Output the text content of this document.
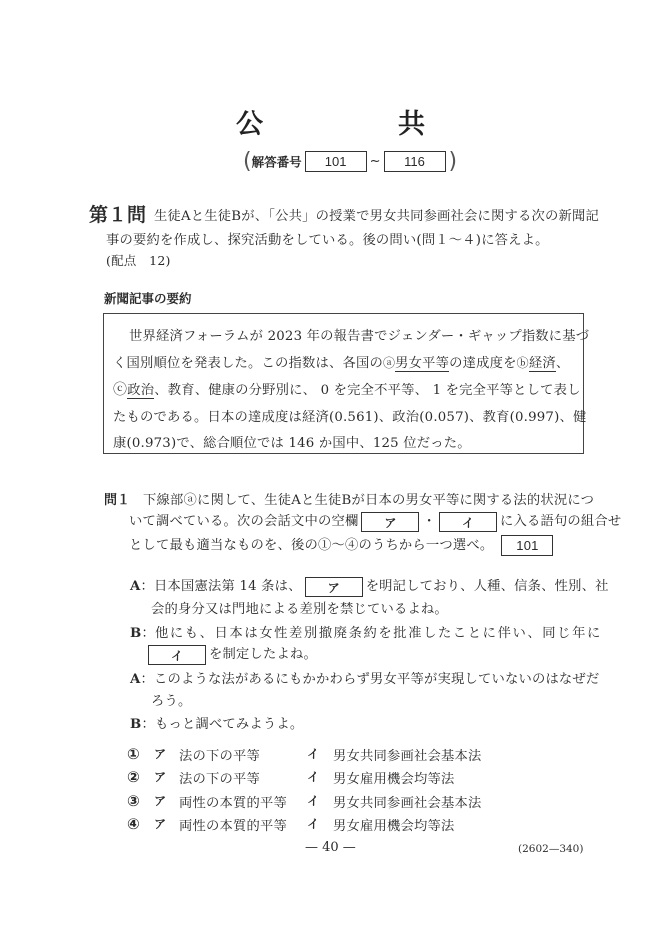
公	共
(解答番号 101 ~ 116 )
第１問 生徒Aと生徒Bが、「公共」の授業で男女共同参画社会に関する次の新聞記
事の要約を作成し、探究活動をしている。後の問い(問１～４)に答えよ。
(配点　12)
新聞記事の要約
世界経済フォーラムが 2023 年の報告書でジェンダー・ギャップ指数に基づ
く国別順位を発表した。この指数は、各国のⓐ男女平等の達成度をⓑ経済、
ⓒ政治、教育、健康の分野別に、 0 を完全不平等、 1 を完全平等として表し
たものである。日本の達成度は経済(0.561)、政治(0.057)、教育(0.997)、健
康(0.973)で、総合順位では 146 か国中、125 位だった。
問１ 下線部ⓐに関して、生徒Aと生徒Bが日本の男女平等に関する法的状況につ
いて調べている。次の会話文中の空欄 ア ・ イ に入る語句の組合せ
として最も適当なものを、後の①～④のうちから一つ選べ。 101
A：日本国憲法第 14 条は、 ア を明記しており、人種、信条、性別、社
会的身分又は門地による差別を禁じているよね。
B：他にも、日本は女性差別撤廃条約を批准したことに伴い、同じ年に
イ を制定したよね。
A：このような法があるにもかかわらず男女平等が実現していないのはなぜだ
ろう。
B：もっと調べてみようよ。
① ア 法の下の平等	イ 男女共同参画社会基本法
② ア 法の下の平等	イ 男女雇用機会均等法
③ ア 両性の本質的平等 イ 男女共同参画社会基本法
④ ア 両性の本質的平等 イ 男女雇用機会均等法
— 40 —	(2602—340)
